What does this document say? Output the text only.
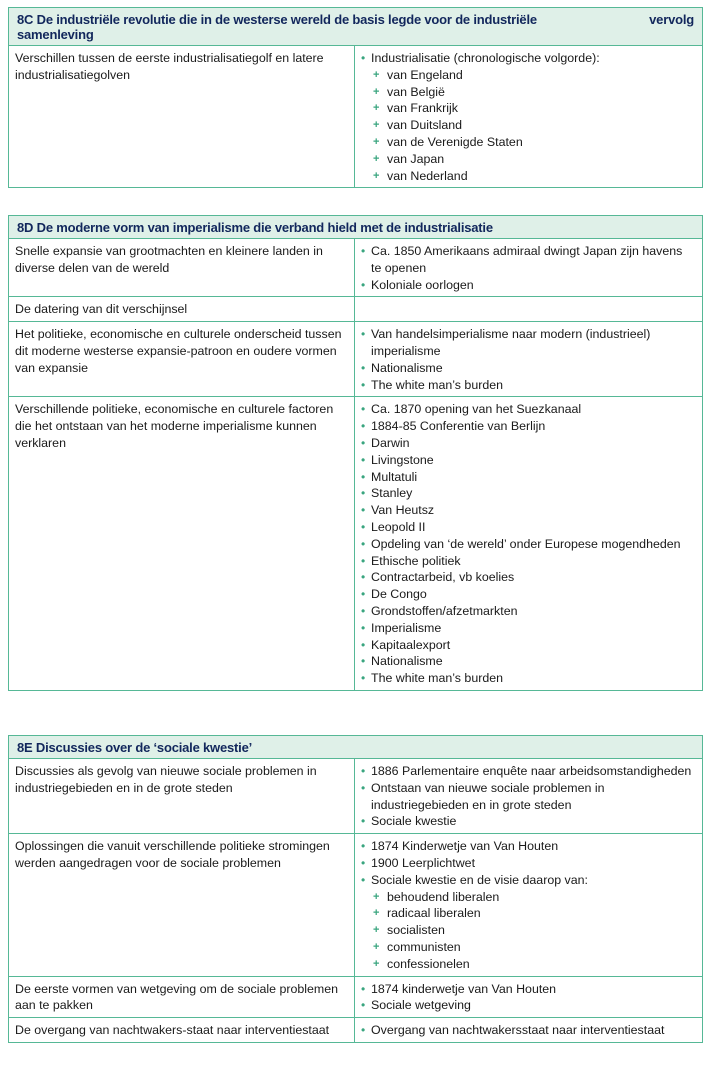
vervolg
8C De industriële revolutie die in de westerse wereld de basis legde voor de industriële samenleving
Verschillen tussen de eerste industrialisatiegolf en latere industrialisatiegolven
• Industrialisatie (chronologische volgorde):
+ van Engeland
+ van België
+ van Frankrijk
+ van Duitsland
+ van de Verenigde Staten
+ van Japan
+ van Nederland
8D De moderne vorm van imperialisme die verband hield met de industrialisatie
Snelle expansie van grootmachten en kleinere landen in diverse delen van de wereld
• Ca. 1850 Amerikaans admiraal dwingt Japan zijn havens te openen
• Koloniale oorlogen
De datering van dit verschijnsel
Het politieke, economische en culturele onderscheid tussen dit moderne westerse expansie-patroon en oudere vormen van expansie
• Van handelsimperialisme naar modern (industrieel) imperialisme
• Nationalisme
• The white man’s burden
Verschillende politieke, economische en culturele factoren die het ontstaan van het moderne imperialisme kunnen verklaren
• Ca. 1870 opening van het Suezkanaal
• 1884-85 Conferentie van Berlijn
• Darwin
• Livingstone
• Multatuli
• Stanley
• Van Heutsz
• Leopold II
• Opdeling van ‘de wereld’ onder Europese mogendheden
• Ethische politiek
• Contractarbeid, vb koelies
• De Congo
• Grondstoffen/afzetmarkten
• Imperialisme
• Kapitaalexport
• Nationalisme
• The white man’s burden
8E Discussies over de ‘sociale kwestie’
Discussies als gevolg van nieuwe sociale problemen in industriegebieden en in de grote steden
• 1886 Parlementaire enquête naar arbeidsomstandigheden
• Ontstaan van nieuwe sociale problemen in industriegebieden en in grote steden
• Sociale kwestie
Oplossingen die vanuit verschillende politieke stromingen werden aangedragen voor de sociale problemen
• 1874 Kinderwetje van Van Houten
• 1900 Leerplichtwet
• Sociale kwestie en de visie daarop van:
+ behoudend liberalen
+ radicaal liberalen
+ socialisten
+ communisten
+ confessionelen
De eerste vormen van wetgeving om de sociale problemen aan te pakken
• 1874 kinderwetje van Van Houten
• Sociale wetgeving
De overgang van nachtwakers-staat naar interventiestaat	• Overgang van nachtwakersstaat naar interventiestaat
